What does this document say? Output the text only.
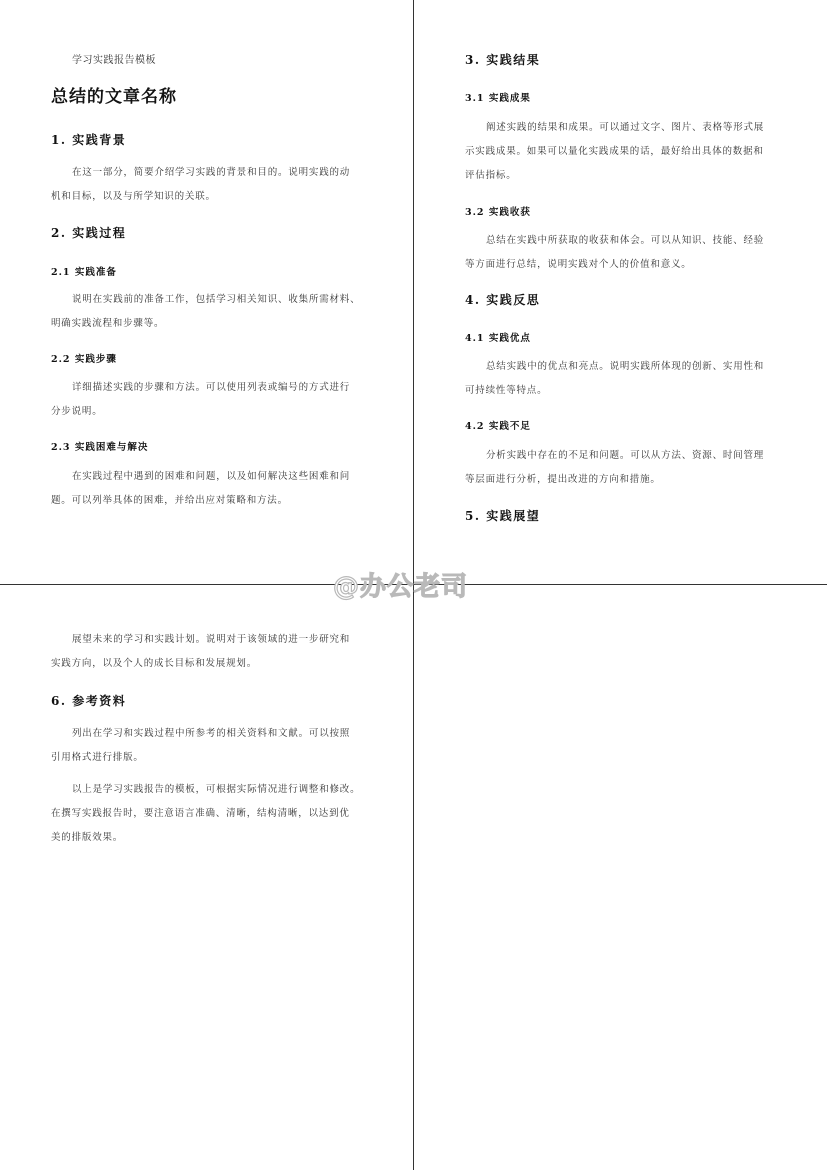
学习实践报告模板
总结的文章名称
1. 实践背景
在这一部分，简要介绍学习实践的背景和目的。说明实践的动
机和目标，以及与所学知识的关联。
2. 实践过程
2.1 实践准备
说明在实践前的准备工作，包括学习相关知识、收集所需材料、
明确实践流程和步骤等。
2.2 实践步骤
详细描述实践的步骤和方法。可以使用列表或编号的方式进行
分步说明。
2.3 实践困难与解决
在实践过程中遇到的困难和问题，以及如何解决这些困难和问
题。可以列举具体的困难，并给出应对策略和方法。
3. 实践结果
3.1 实践成果
阐述实践的结果和成果。可以通过文字、图片、表格等形式展
示实践成果。如果可以量化实践成果的话，最好给出具体的数据和
评估指标。
3.2 实践收获
总结在实践中所获取的收获和体会。可以从知识、技能、经验
等方面进行总结，说明实践对个人的价值和意义。
4. 实践反思
4.1 实践优点
总结实践中的优点和亮点。说明实践所体现的创新、实用性和
可持续性等特点。
4.2 实践不足
分析实践中存在的不足和问题。可以从方法、资源、时间管理
等层面进行分析，提出改进的方向和措施。
5. 实践展望
展望未来的学习和实践计划。说明对于该领域的进一步研究和
实践方向，以及个人的成长目标和发展规划。
6. 参考资料
列出在学习和实践过程中所参考的相关资料和文献。可以按照
引用格式进行排版。
以上是学习实践报告的模板，可根据实际情况进行调整和修改。
在撰写实践报告时，要注意语言准确、清晰，结构清晰，以达到优
美的排版效果。
@办公老司
